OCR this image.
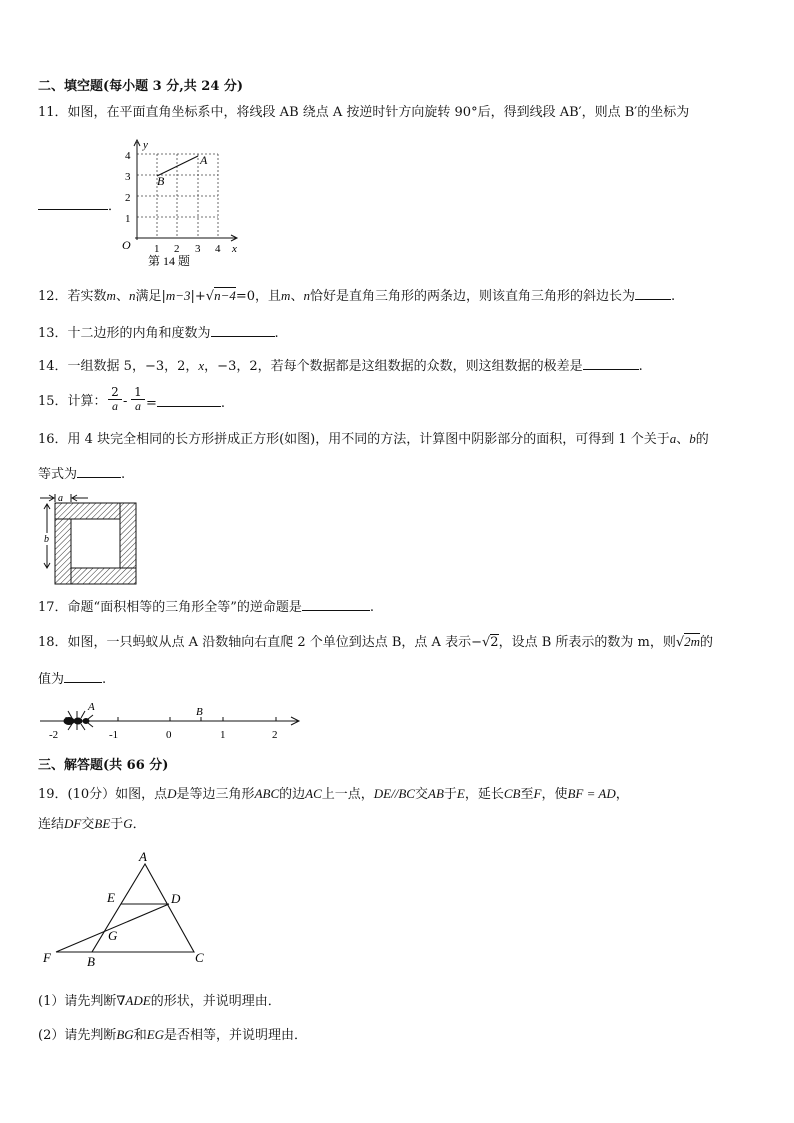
二、填空题(每小题 3 分,共 24 分)
11．如图，在平面直角坐标系中，将线段 AB 绕点 A 按逆时针方向旋转 90°后，得到线段 AB′，则点 B′的坐标为
．
y
x
O 1 2 3 4
1
2
3
4	A
B
第 14 题
12．若实数m、n满足|m−3|+√n−4=0，且m、n恰好是直角三角形的两条边，则该直角三角形的斜边长为	.
13．十二边形的内角和度数为	.
14．一组数据 5，−3，2，x，−3，2，若每个数据都是这组数据的众数，则这组数据的极差是	.
15．计算： $\frac{2}{a} - \frac{1}{a}$ =	.
16．用 4 块完全相同的长方形拼成正方形(如图)，用不同的方法，计算图中阴影部分的面积，可得到 1 个关于a、b的
等式为	.
a
b
17．命题“面积相等的三角形全等”的逆命题是	.
18．如图，一只蚂蚁从点 A 沿数轴向右直爬 2 个单位到达点 B，点 A 表示−√2，设点 B 所表示的数为 m，则√2m的
值为	.
A	B
-2	-1	0	1	2
三、解答题(共 66 分)
19．(10分）如图，点D是等边三角形ABC的边AC上一点，DE//BC交AB于E，延长CB至F，使BF = AD，
连结DF交BE于G．
A
E	D
G
F	B	C
(1）请先判断∇ADE的形状，并说明理由．
(2）请先判断BG和EG是否相等，并说明理由．
